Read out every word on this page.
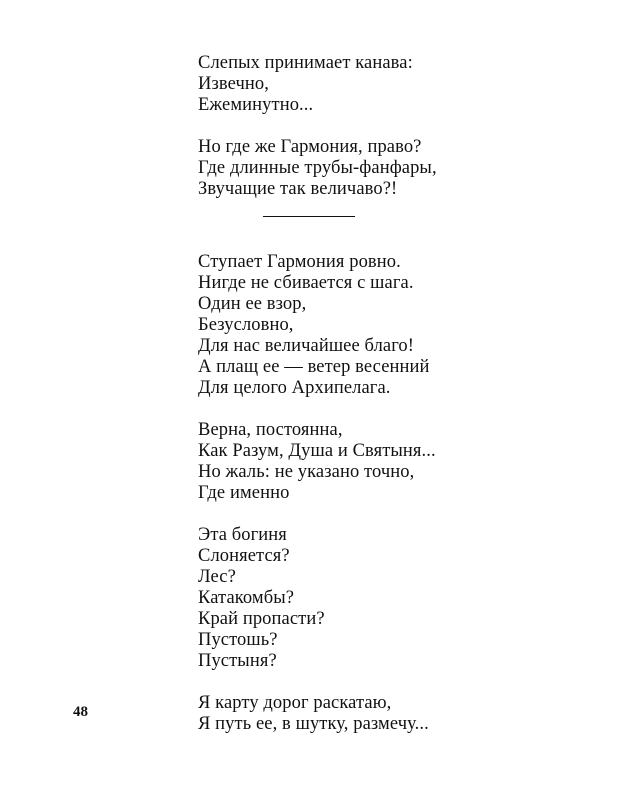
Слепых принимает канава:
Извечно,
Ежеминутно...
Но где же Гармония, право?
Где длинные трубы-фанфары,
Звучащие так величаво?!
Ступает Гармония ровно.
Нигде не сбивается с шага.
Один ее взор,
Безусловно,
Для нас величайшее благо!
А плащ ее — ветер весенний
Для целого Архипелага.
Верна, постоянна,
Как Разум, Душа и Святыня...
Но жаль: не указано точно,
Где именно
Эта богиня
Слоняется?
Лес?
Катакомбы?
Край пропасти?
Пустошь?
Пустыня?
Я карту дорог раскатаю,
Я путь ее, в шутку, размечу...
48
